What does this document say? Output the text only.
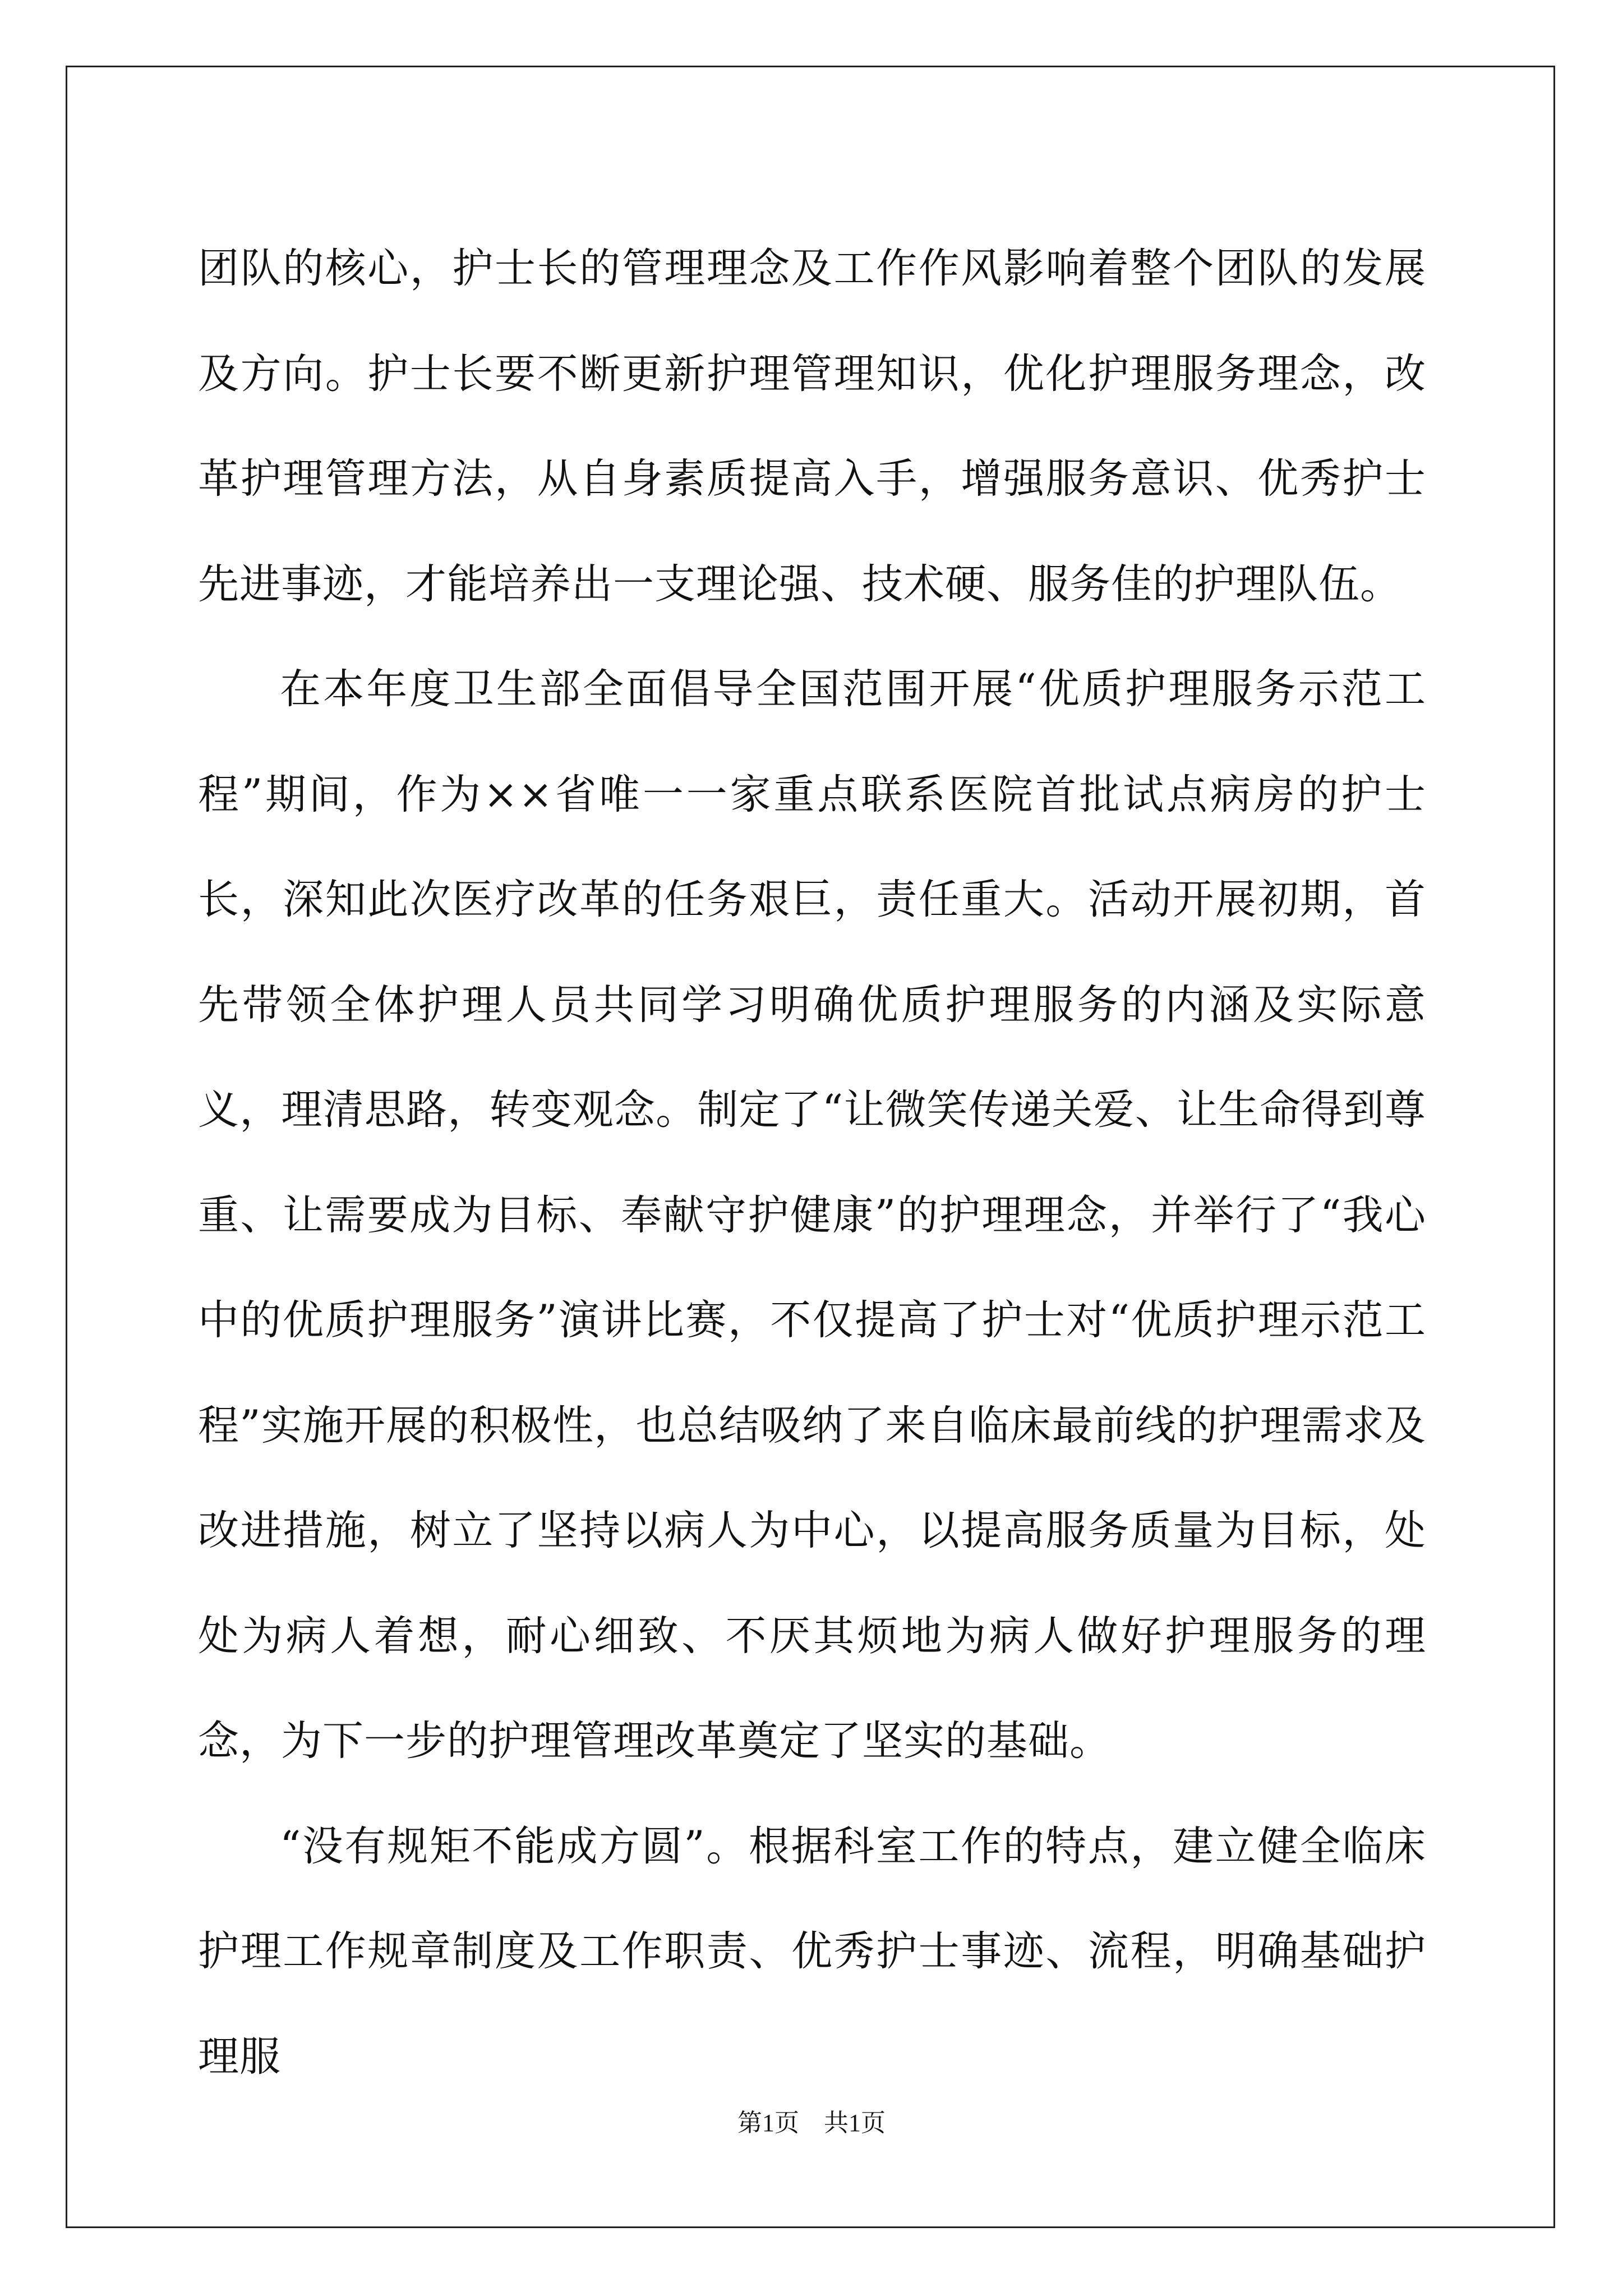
团队的核心，护士长的管理理念及工作作风影响着整个团队的发展及方向。护士长要不断更新护理管理知识，优化护理服务理念，改革护理管理方法，从自身素质提高入手，增强服务意识、优秀护士先进事迹，才能培养出一支理论强、技术硬、服务佳的护理队伍。

在本年度卫生部全面倡导全国范围开展“优质护理服务示范工程”期间，作为××省唯一一家重点联系医院首批试点病房的护士长，深知此次医疗改革的任务艰巨，责任重大。活动开展初期，首先带领全体护理人员共同学习明确优质护理服务的内涵及实际意义，理清思路，转变观念。制定了“让微笑传递关爱、让生命得到尊重、让需要成为目标、奉献守护健康”的护理理念，并举行了“我心中的优质护理服务”演讲比赛，不仅提高了护士对“优质护理示范工程”实施开展的积极性，也总结吸纳了来自临床最前线的护理需求及改进措施，树立了坚持以病人为中心，以提高服务质量为目标，处处为病人着想，耐心细致、不厌其烦地为病人做好护理服务的理念，为下一步的护理管理改革奠定了坚实的基础。

“没有规矩不能成方圆”。根据科室工作的特点，建立健全临床护理工作规章制度及工作职责、优秀护士事迹、流程，明确基础护理服

第1页　共1页
